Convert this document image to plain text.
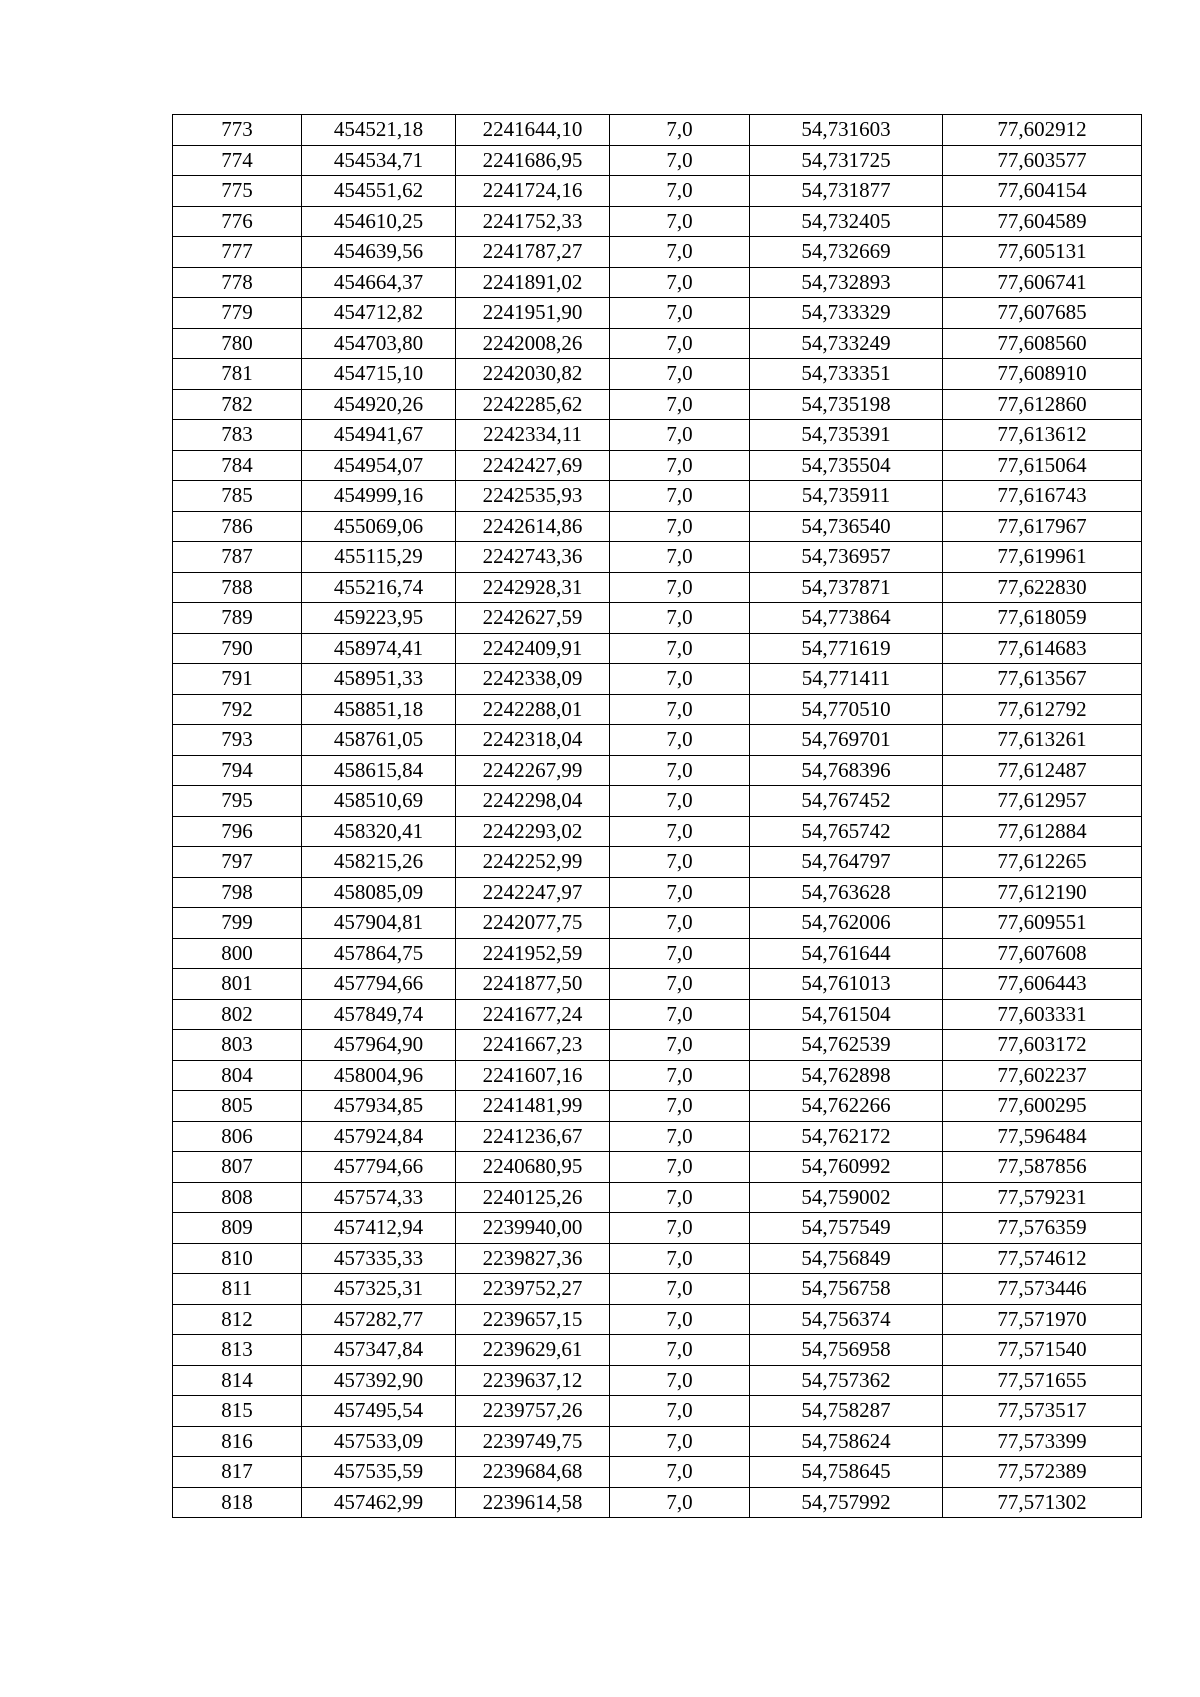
773	454521,18	2241644,10	7,0	54,731603	77,602912
774	454534,71	2241686,95	7,0	54,731725	77,603577
775	454551,62	2241724,16	7,0	54,731877	77,604154
776	454610,25	2241752,33	7,0	54,732405	77,604589
777	454639,56	2241787,27	7,0	54,732669	77,605131
778	454664,37	2241891,02	7,0	54,732893	77,606741
779	454712,82	2241951,90	7,0	54,733329	77,607685
780	454703,80	2242008,26	7,0	54,733249	77,608560
781	454715,10	2242030,82	7,0	54,733351	77,608910
782	454920,26	2242285,62	7,0	54,735198	77,612860
783	454941,67	2242334,11	7,0	54,735391	77,613612
784	454954,07	2242427,69	7,0	54,735504	77,615064
785	454999,16	2242535,93	7,0	54,735911	77,616743
786	455069,06	2242614,86	7,0	54,736540	77,617967
787	455115,29	2242743,36	7,0	54,736957	77,619961
788	455216,74	2242928,31	7,0	54,737871	77,622830
789	459223,95	2242627,59	7,0	54,773864	77,618059
790	458974,41	2242409,91	7,0	54,771619	77,614683
791	458951,33	2242338,09	7,0	54,771411	77,613567
792	458851,18	2242288,01	7,0	54,770510	77,612792
793	458761,05	2242318,04	7,0	54,769701	77,613261
794	458615,84	2242267,99	7,0	54,768396	77,612487
795	458510,69	2242298,04	7,0	54,767452	77,612957
796	458320,41	2242293,02	7,0	54,765742	77,612884
797	458215,26	2242252,99	7,0	54,764797	77,612265
798	458085,09	2242247,97	7,0	54,763628	77,612190
799	457904,81	2242077,75	7,0	54,762006	77,609551
800	457864,75	2241952,59	7,0	54,761644	77,607608
801	457794,66	2241877,50	7,0	54,761013	77,606443
802	457849,74	2241677,24	7,0	54,761504	77,603331
803	457964,90	2241667,23	7,0	54,762539	77,603172
804	458004,96	2241607,16	7,0	54,762898	77,602237
805	457934,85	2241481,99	7,0	54,762266	77,600295
806	457924,84	2241236,67	7,0	54,762172	77,596484
807	457794,66	2240680,95	7,0	54,760992	77,587856
808	457574,33	2240125,26	7,0	54,759002	77,579231
809	457412,94	2239940,00	7,0	54,757549	77,576359
810	457335,33	2239827,36	7,0	54,756849	77,574612
811	457325,31	2239752,27	7,0	54,756758	77,573446
812	457282,77	2239657,15	7,0	54,756374	77,571970
813	457347,84	2239629,61	7,0	54,756958	77,571540
814	457392,90	2239637,12	7,0	54,757362	77,571655
815	457495,54	2239757,26	7,0	54,758287	77,573517
816	457533,09	2239749,75	7,0	54,758624	77,573399
817	457535,59	2239684,68	7,0	54,758645	77,572389
818	457462,99	2239614,58	7,0	54,757992	77,571302
